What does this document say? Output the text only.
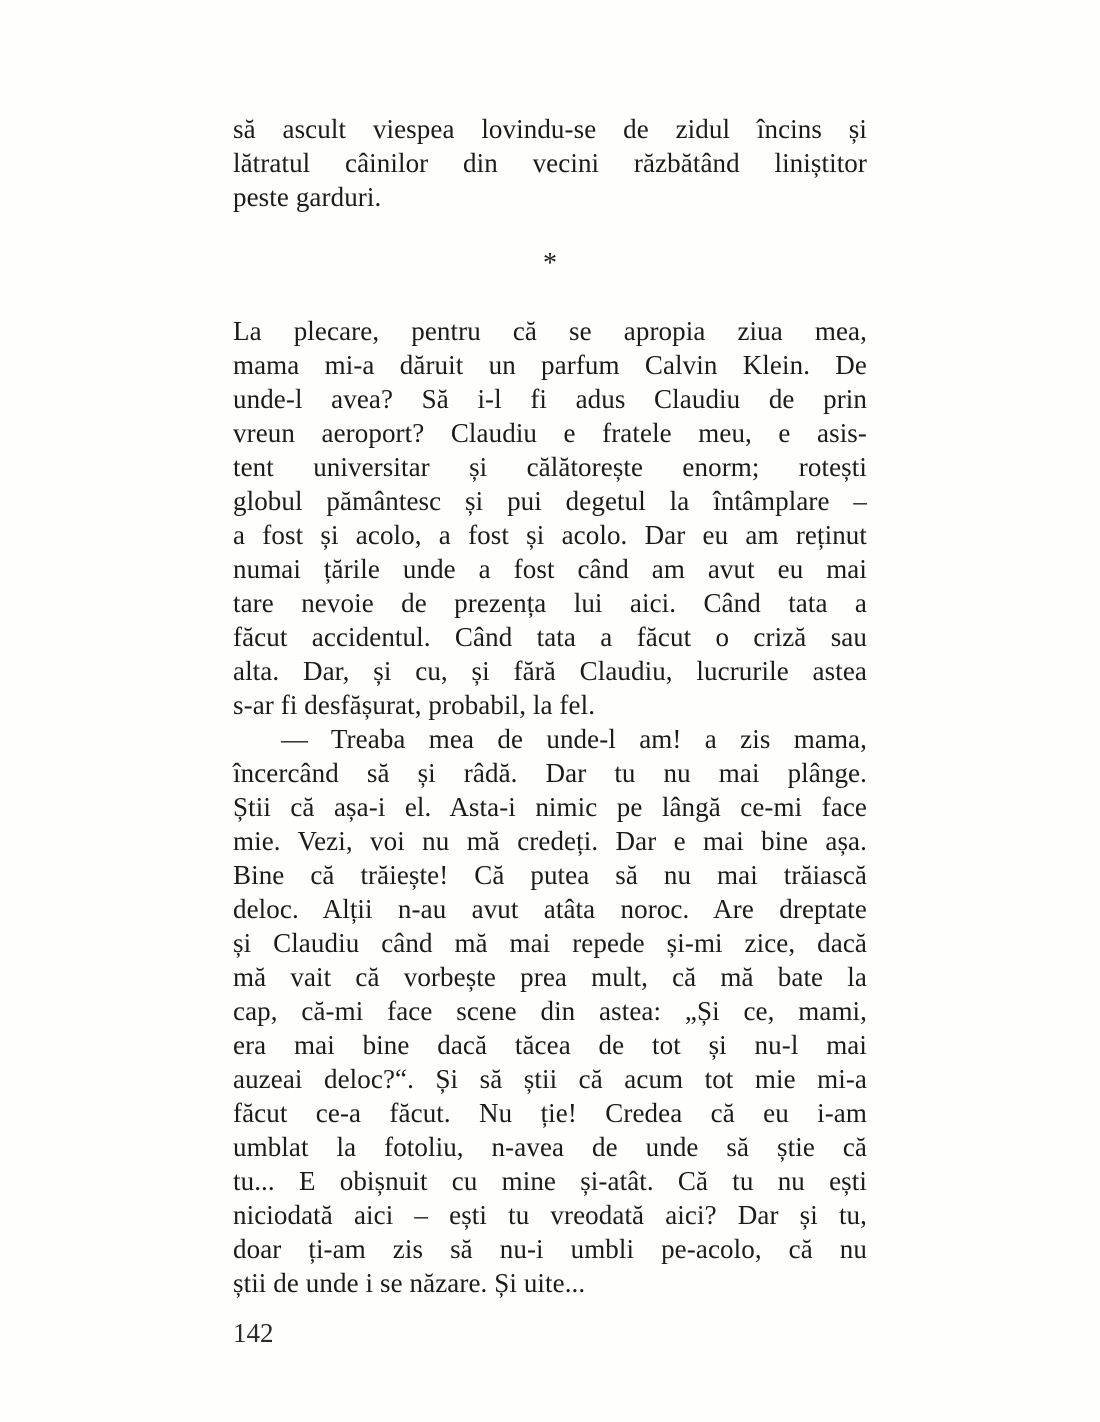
să ascult viespea lovindu-se de zidul încins și
lătratul câinilor din vecini răzbătând liniștitor
peste garduri.
*
La plecare, pentru că se apropia ziua mea,
mama mi-a dăruit un parfum Calvin Klein. De
unde-l avea? Să i-l fi adus Claudiu de prin
vreun aeroport? Claudiu e fratele meu, e asis-
tent universitar și călătorește enorm; rotești
globul pământesc și pui degetul la întâmplare –
a fost și acolo, a fost și acolo. Dar eu am reținut
numai țările unde a fost când am avut eu mai
tare nevoie de prezența lui aici. Când tata a
făcut accidentul. Când tata a făcut o criză sau
alta. Dar, și cu, și fără Claudiu, lucrurile astea
s-ar fi desfășurat, probabil, la fel.
— Treaba mea de unde-l am! a zis mama,
încercând să și râdă. Dar tu nu mai plânge.
Știi că așa-i el. Asta-i nimic pe lângă ce-mi face
mie. Vezi, voi nu mă credeți. Dar e mai bine așa.
Bine că trăiește! Că putea să nu mai trăiască
deloc. Alții n-au avut atâta noroc. Are dreptate
și Claudiu când mă mai repede și-mi zice, dacă
mă vait că vorbește prea mult, că mă bate la
cap, că-mi face scene din astea: „Și ce, mami,
era mai bine dacă tăcea de tot și nu-l mai
auzeai deloc?“. Și să știi că acum tot mie mi-a
făcut ce-a făcut. Nu ție! Credea că eu i-am
umblat la fotoliu, n-avea de unde să știe că
tu... E obișnuit cu mine și-atât. Că tu nu ești
niciodată aici – ești tu vreodată aici? Dar și tu,
doar ți-am zis să nu-i umbli pe-acolo, că nu
știi de unde i se năzare. Și uite...
142
